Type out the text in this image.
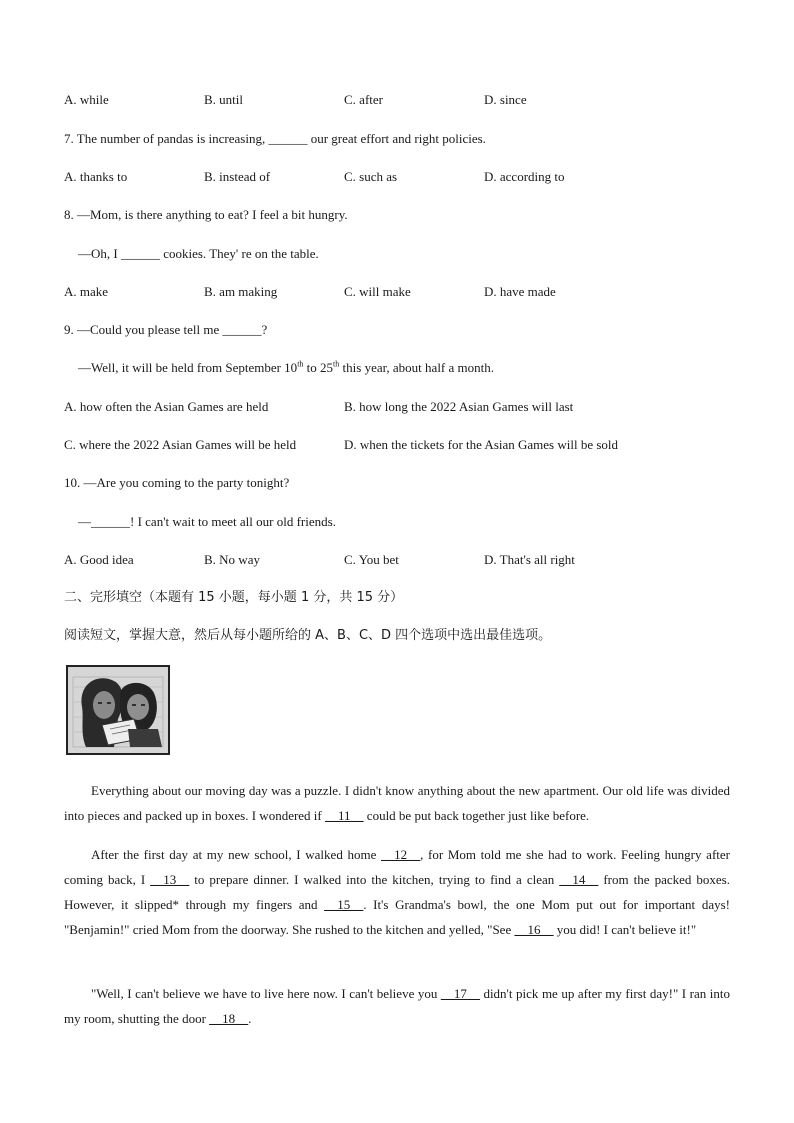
A. while	B. until	C. after	D. since
7. The number of pandas is increasing, ______ our great effort and right policies.
A. thanks to	B. instead of	C. such as	D. according to
8. —Mom, is there anything to eat? I feel a bit hungry.
—Oh, I ______ cookies. They' re on the table.
A. make	B. am making	C. will make	D. have made
9. —Could you please tell me ______?
—Well, it will be held from September 10th to 25th this year, about half a month.
A. how often the Asian Games are held	B. how long the 2022 Asian Games will last
C. where the 2022 Asian Games will be held	D. when the tickets for the Asian Games will be sold
10. —Are you coming to the party tonight?
—______! I can't wait to meet all our old friends.
A. Good idea	B. No way	C. You bet	D. That's all right
二、完形填空（本题有 15 小题，每小题 1 分，共 15 分）
阅读短文，掌握大意，然后从每小题所给的 A、B、C、D 四个选项中选出最佳选项。

Everything about our moving day was a puzzle. I didn't know anything about the new apartment. Our old life was divided into pieces and packed up in boxes. I wondered if __11__ could be put back together just like before.

After the first day at my new school, I walked home __12__, for Mom told me she had to work. Feeling hungry after coming back, I __13__ to prepare dinner. I walked into the kitchen, trying to find a clean __14__ from the packed boxes. However, it slipped* through my fingers and __15__. It's Grandma's bowl, the one Mom put out for important days! "Benjamin!" cried Mom from the doorway. She rushed to the kitchen and yelled, "See __16__ you did! I can't believe it!"

"Well, I can't believe we have to live here now. I can't believe you __17__ didn't pick me up after my first day!" I ran into my room, shutting the door __18__.
